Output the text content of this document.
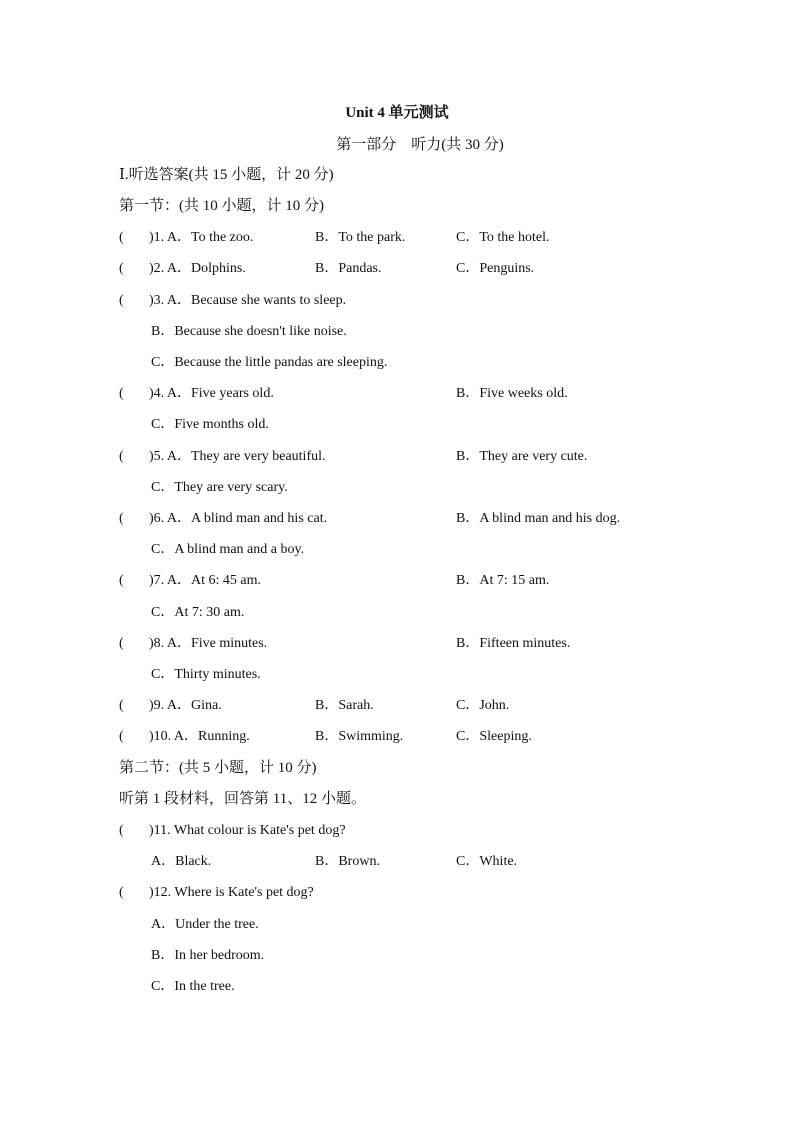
Unit 4 单元测试
第一部分　听力(共 30 分)
Ⅰ.听选答案(共 15 小题，计 20 分)
第一节：(共 10 小题，计 10 分)
( )1. A．To the zoo.	B．To the park.	C．To the hotel.
( )2. A．Dolphins.	B．Pandas.	C．Penguins.
( )3. A．Because she wants to sleep.
B．Because she doesn't like noise.
C．Because the little pandas are sleeping.
( )4. A．Five years old.	B．Five weeks old.
C．Five months old.
( )5. A．They are very beautiful.	B．They are very cute.
C．They are very scary.
( )6. A．A blind man and his cat.	B．A blind man and his dog.
C．A blind man and a boy.
( )7. A．At 6: 45 am.	B．At 7: 15 am.
C．At 7: 30 am.
( )8. A．Five minutes.	B．Fifteen minutes.
C．Thirty minutes.
( )9. A．Gina.	B．Sarah.	C．John.
( )10. A．Running.	B．Swimming.	C．Sleeping.
第二节：(共 5 小题，计 10 分)
听第 1 段材料，回答第 11、12 小题。
( )11. What colour is Kate's pet dog?
A．Black.	B．Brown.	C．White.
( )12. Where is Kate's pet dog?
A．Under the tree.
B．In her bedroom.
C．In the tree.
